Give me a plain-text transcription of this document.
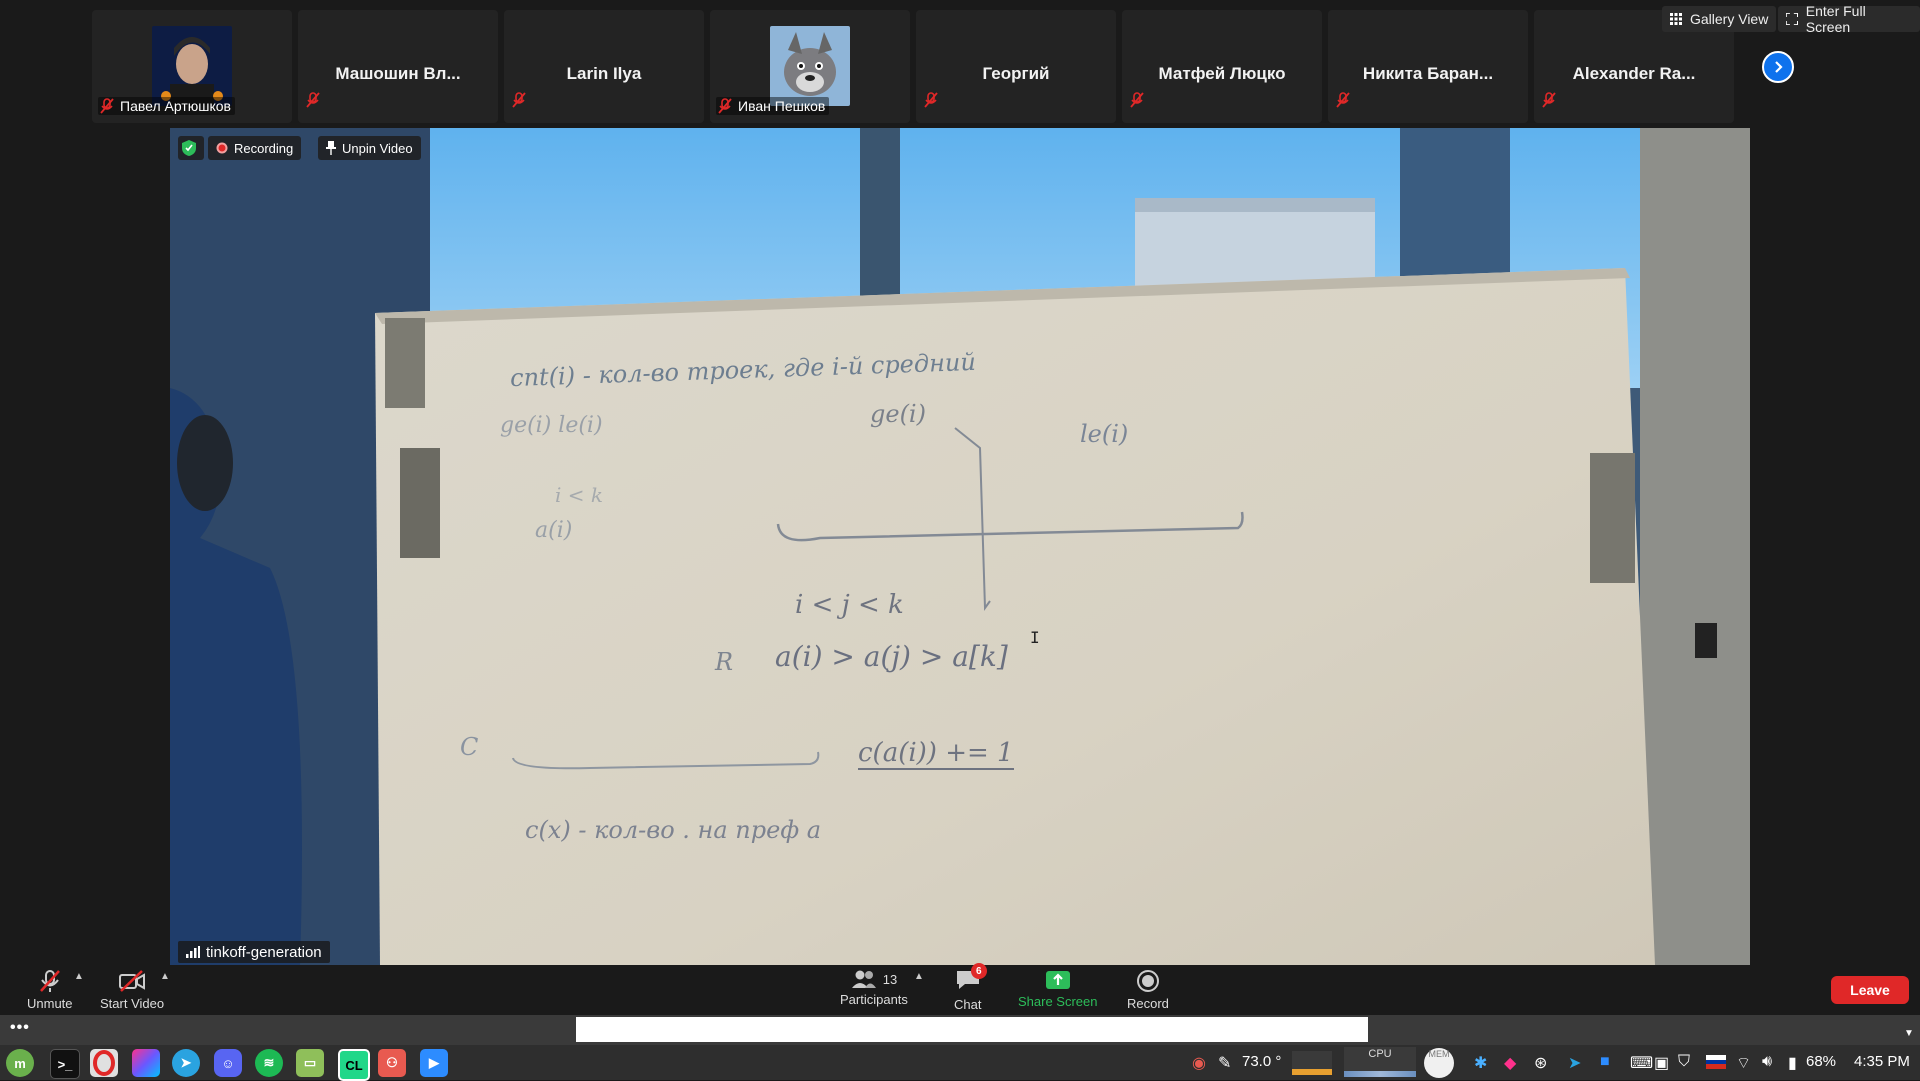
Павел Артюшков
Машошин Вл...	Larin Ilya
Иван Пешков
Георгий	Матфей Люцко	Никита Баран...	Alexander Ra...
Gallery View	Enter Full Screen
cnt(i) - кол-во троек, где i-й средний
ge(i) le(i)	ge(i)
le(i)
i < k
a(i)
i < j < k
a(i) > a(j) > a[k]
R
C	c(a(i)) += 1
c(x) - кол-во . на преф a
Recording	Unpin Video
tinkoff-generation
Ι
Unmute
▲
Start Video
▲	13
Participants
▲	6
Chat	Share Screen Record
Leave
•••	▼
m	>_	➤	☺	≋	▭	CL	⚇	▶	◉ ✎ 73.0 °	CPU	MEM
✱ ◆ ⊛ ➤ ■ ⌨ ▣ ⛉	⌔ 🔊︎ ▮ 68% 4:35 PM
